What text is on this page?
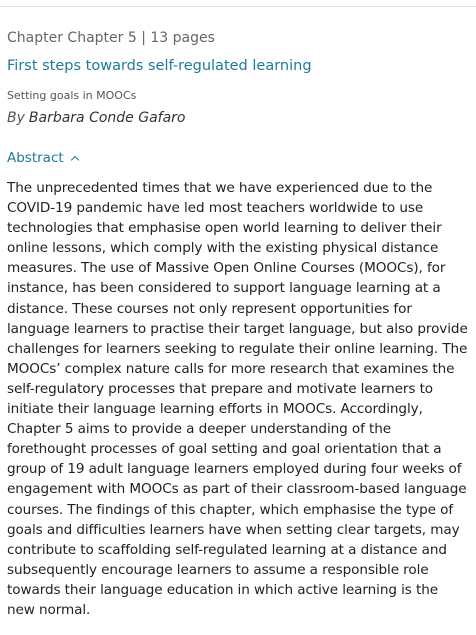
Chapter Chapter 5 | 13 pages
First steps towards self-regulated learning
Setting goals in MOOCs
By Barbara Conde Gafaro
Abstract
The unprecedented times that we have experienced due to the COVID-19 pandemic have led most teachers worldwide to use technologies that emphasise open world learning to deliver their online lessons, which comply with the existing physical distance measures. The use of Massive Open Online Courses (MOOCs), for instance, has been considered to support language learning at a distance. These courses not only represent opportunities for language learners to practise their target language, but also provide challenges for learners seeking to regulate their online learning. The MOOCs’ complex nature calls for more research that examines the self-regulatory processes that prepare and motivate learners to initiate their language learning efforts in MOOCs. Accordingly, Chapter 5 aims to provide a deeper understanding of the forethought processes of goal setting and goal orientation that a group of 19 adult language learners employed during four weeks of engagement with MOOCs as part of their classroom-based language courses. The findings of this chapter, which emphasise the type of goals and difficulties learners have when setting clear targets, may contribute to scaffolding self-regulated learning at a distance and subsequently encourage learners to assume a responsible role towards their language education in which active learning is the new normal.
